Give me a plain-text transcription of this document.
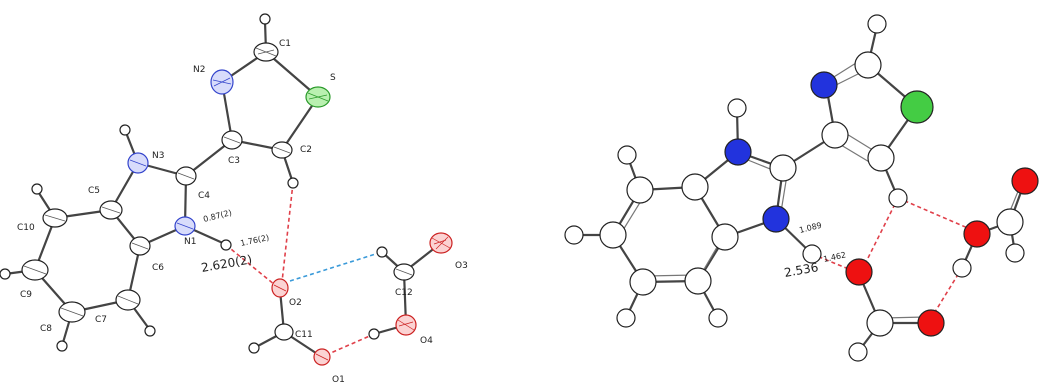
C1
N2
S
C2
C3
C4
N3
C5
N1
C6
C10
C9
C8
C7
O2
C11
O1
C12
O3
O4
0.87(2)
1.76(2)
2.620(2)
1.089
1.462
2.536
